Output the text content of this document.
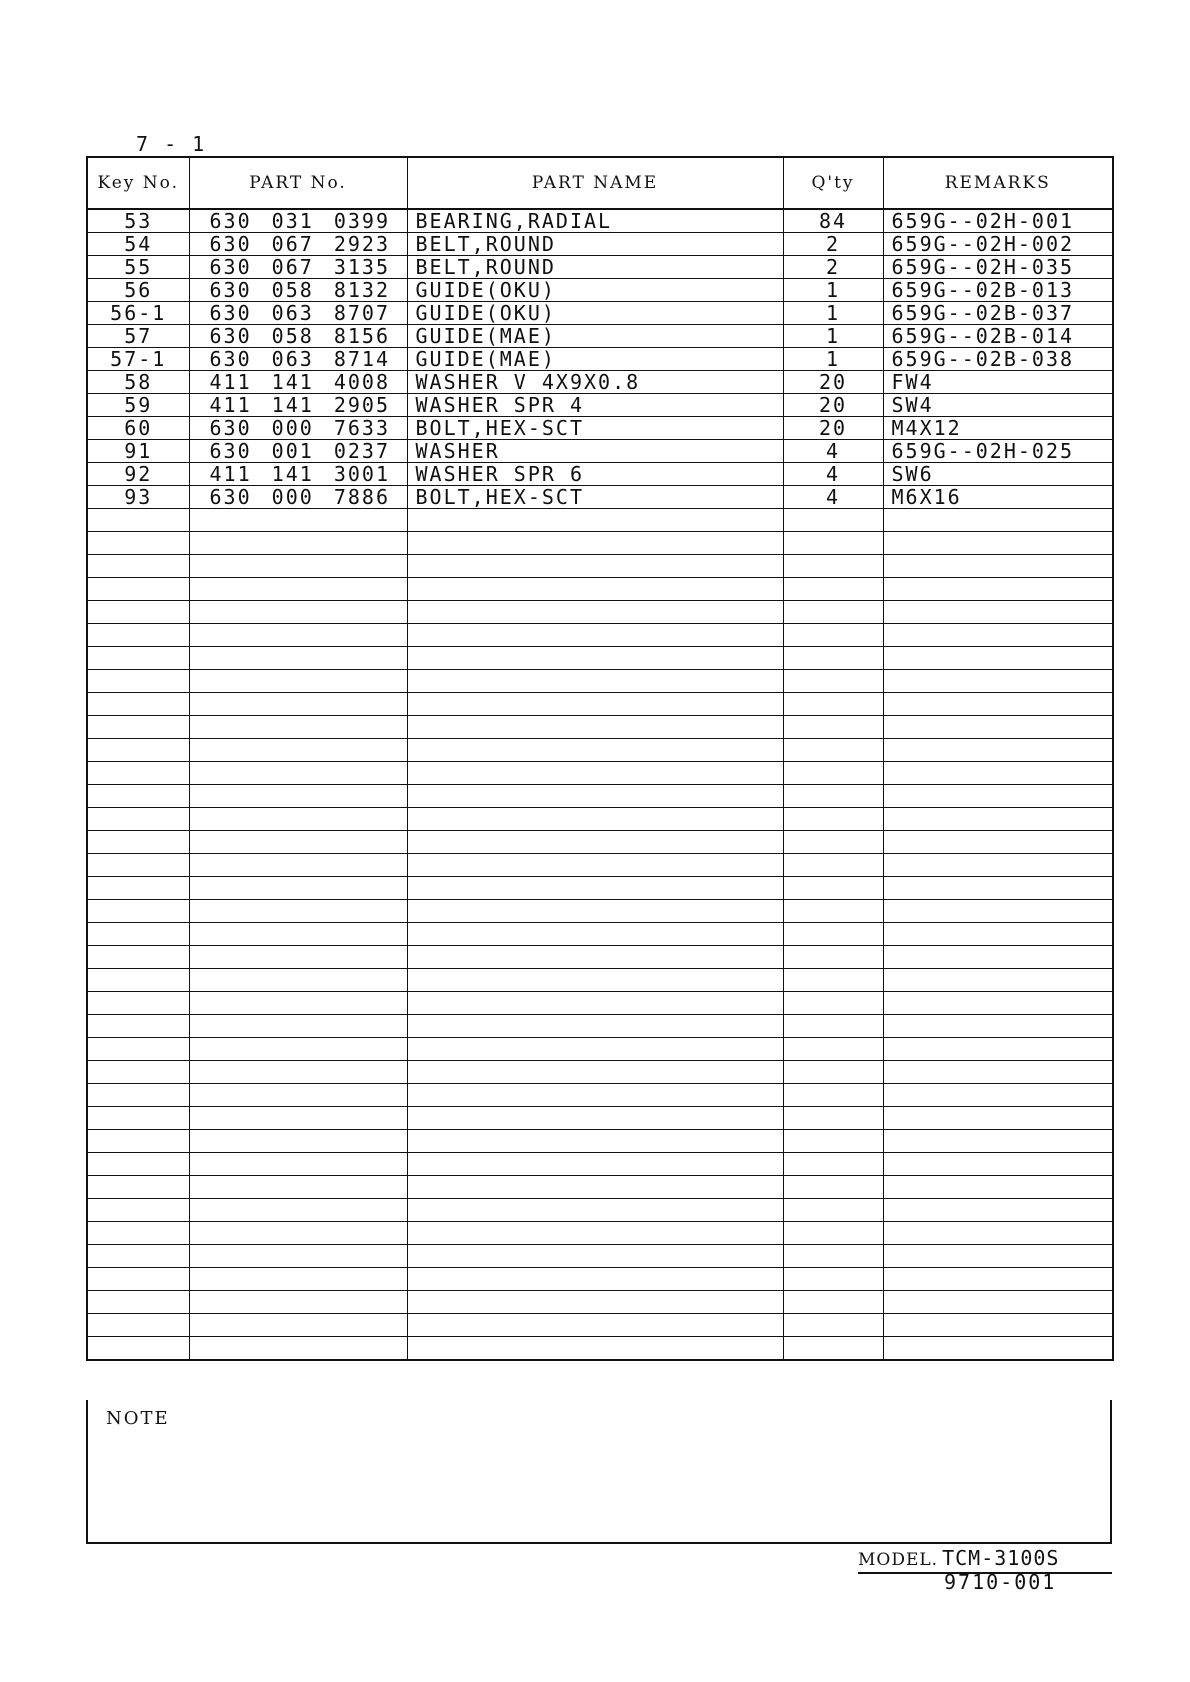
7 - 1
Key No.	PART No.	PART NAME	Q'ty	REMARKS
53	630 031 0399	BEARING,RADIAL	84	659G--02H-001
54	630 067 2923	BELT,ROUND	2	659G--02H-002
55	630 067 3135	BELT,ROUND	2	659G--02H-035
56	630 058 8132	GUIDE(OKU)	1	659G--02B-013
56-1	630 063 8707	GUIDE(OKU)	1	659G--02B-037
57	630 058 8156	GUIDE(MAE)	1	659G--02B-014
57-1	630 063 8714	GUIDE(MAE)	1	659G--02B-038
58	411 141 4008	WASHER V 4X9X0.8	20	FW4
59	411 141 2905	WASHER SPR 4	20	SW4
60	630 000 7633	BOLT,HEX-SCT	20	M4X12
91	630 001 0237	WASHER	4	659G--02H-025
92	411 141 3001	WASHER SPR 6	4	SW6
93	630 000 7886	BOLT,HEX-SCT	4	M6X16

NOTE
MODEL. TCM-3100S
9710-001
